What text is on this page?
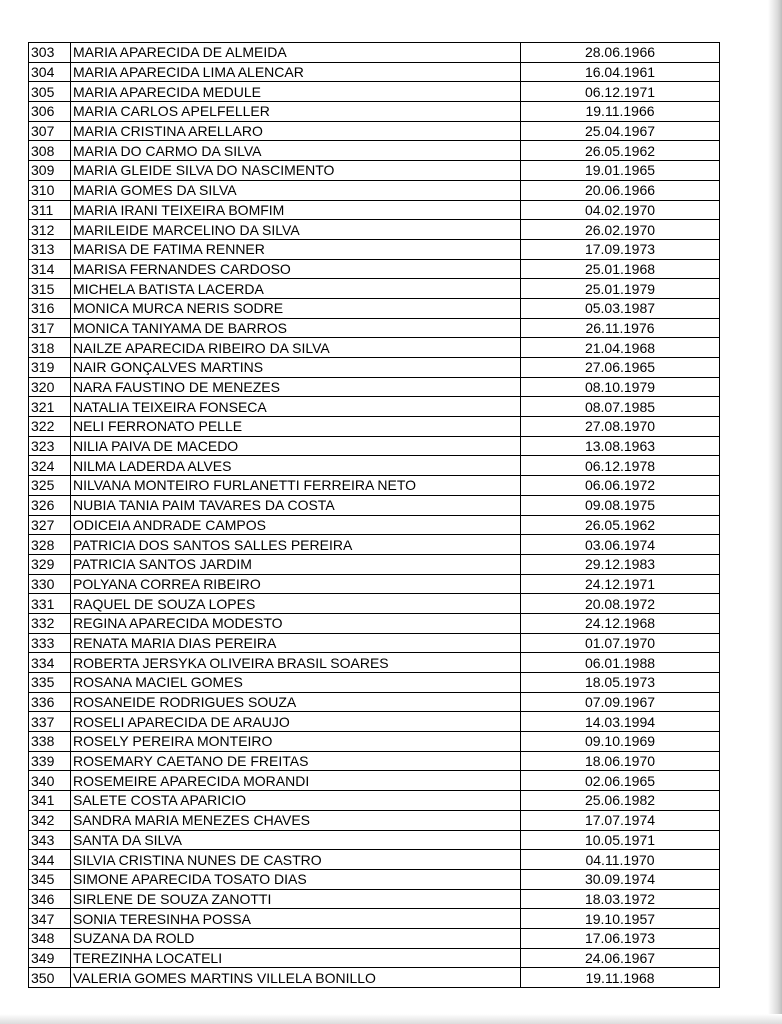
303	MARIA APARECIDA DE ALMEIDA	28.06.1966
304	MARIA APARECIDA LIMA ALENCAR	16.04.1961
305	MARIA APARECIDA MEDULE	06.12.1971
306	MARIA CARLOS APELFELLER	19.11.1966
307	MARIA CRISTINA ARELLARO	25.04.1967
308	MARIA DO CARMO DA SILVA	26.05.1962
309	MARIA GLEIDE SILVA DO NASCIMENTO	19.01.1965
310	MARIA GOMES DA SILVA	20.06.1966
311	MARIA IRANI TEIXEIRA BOMFIM	04.02.1970
312	MARILEIDE MARCELINO DA SILVA	26.02.1970
313	MARISA DE FATIMA RENNER	17.09.1973
314	MARISA FERNANDES CARDOSO	25.01.1968
315	MICHELA BATISTA LACERDA	25.01.1979
316	MONICA MURCA NERIS SODRE	05.03.1987
317	MONICA TANIYAMA DE BARROS	26.11.1976
318	NAILZE APARECIDA RIBEIRO DA SILVA	21.04.1968
319	NAIR GONÇALVES MARTINS	27.06.1965
320	NARA FAUSTINO DE MENEZES	08.10.1979
321	NATALIA TEIXEIRA FONSECA	08.07.1985
322	NELI FERRONATO PELLE	27.08.1970
323	NILIA PAIVA DE MACEDO	13.08.1963
324	NILMA LADERDA ALVES	06.12.1978
325	NILVANA MONTEIRO FURLANETTI FERREIRA NETO	06.06.1972
326	NUBIA TANIA PAIM TAVARES DA COSTA	09.08.1975
327	ODICEIA ANDRADE CAMPOS	26.05.1962
328	PATRICIA DOS SANTOS SALLES PEREIRA	03.06.1974
329	PATRICIA SANTOS JARDIM	29.12.1983
330	POLYANA CORREA RIBEIRO	24.12.1971
331	RAQUEL DE SOUZA LOPES	20.08.1972
332	REGINA APARECIDA MODESTO	24.12.1968
333	RENATA MARIA DIAS PEREIRA	01.07.1970
334	ROBERTA JERSYKA OLIVEIRA BRASIL SOARES	06.01.1988
335	ROSANA MACIEL GOMES	18.05.1973
336	ROSANEIDE RODRIGUES SOUZA	07.09.1967
337	ROSELI APARECIDA DE ARAUJO	14.03.1994
338	ROSELY PEREIRA MONTEIRO	09.10.1969
339	ROSEMARY CAETANO DE FREITAS	18.06.1970
340	ROSEMEIRE APARECIDA MORANDI	02.06.1965
341	SALETE COSTA APARICIO	25.06.1982
342	SANDRA MARIA MENEZES CHAVES	17.07.1974
343	SANTA DA SILVA	10.05.1971
344	SILVIA CRISTINA NUNES DE CASTRO	04.11.1970
345	SIMONE APARECIDA TOSATO DIAS	30.09.1974
346	SIRLENE DE SOUZA ZANOTTI	18.03.1972
347	SONIA TERESINHA POSSA	19.10.1957
348	SUZANA DA ROLD	17.06.1973
349	TEREZINHA LOCATELI	24.06.1967
350	VALERIA GOMES MARTINS VILLELA BONILLO	19.11.1968
